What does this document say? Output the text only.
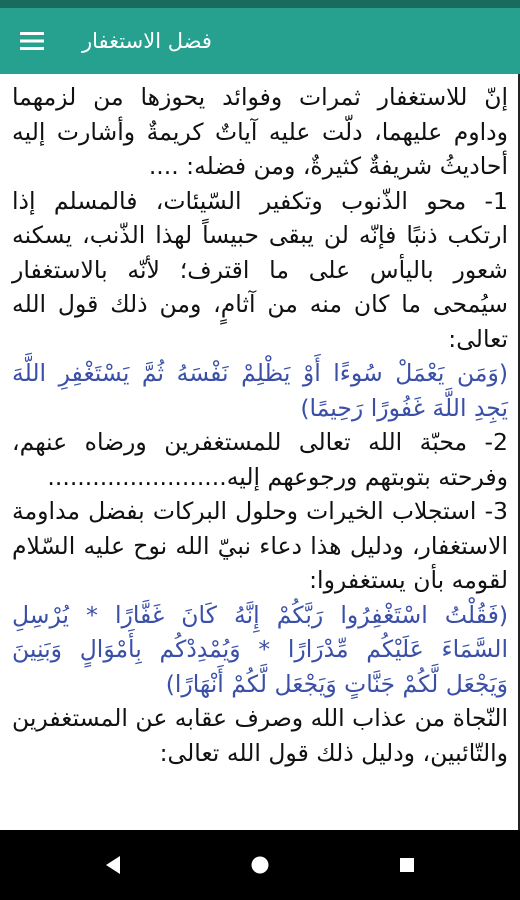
فضل الاستغفار

إنّ للاستغفار ثمرات وفوائد يحوزها من لزمهما وداوم عليهما، دلّت عليه آياتٌ كريمةٌ وأشارت إليه أحاديثُ شريفةٌ كثيرةٌ، ومن فضله: ....

1- محو الذّنوب وتكفير السّيئات، فالمسلم إذا ارتكب ذنبًا فإنّه لن يبقى حبيساً لهذا الذّنب، يسكنه شعور باليأس على ما اقترف؛ لأنّه بالاستغفار سيُمحى ما كان منه من آثامٍ، ومن ذلك قول الله تعالى:

(وَمَن يَعْمَلْ سُوءًا أَوْ يَظْلِمْ نَفْسَهُ ثُمَّ يَسْتَغْفِرِ اللَّهَ يَجِدِ اللَّهَ غَفُورًا رَحِيمًا)

2- محبّة الله تعالى للمستغفرين ورضاه عنهم، وفرحته بتوبتهم ورجوعهم إليه........................

3- استجلاب الخيرات وحلول البركات بفضل مداومة الاستغفار، ودليل هذا دعاء نبيّ الله نوح عليه السّلام لقومه بأن يستغفروا:

(فَقُلْتُ اسْتَغْفِرُوا رَبَّكُمْ إِنَّهُ كَانَ غَفَّارًا * يُرْسِلِ السَّمَاءَ عَلَيْكُم مِّدْرَارًا * وَيُمْدِدْكُم بِأَمْوَالٍ وَبَنِينَ وَيَجْعَل لَّكُمْ جَنَّاتٍ وَيَجْعَل لَّكُمْ أَنْهَارًا)

النّجاة من عذاب الله وصرف عقابه عن المستغفرين والتّائبين، ودليل ذلك قول الله تعالى:
